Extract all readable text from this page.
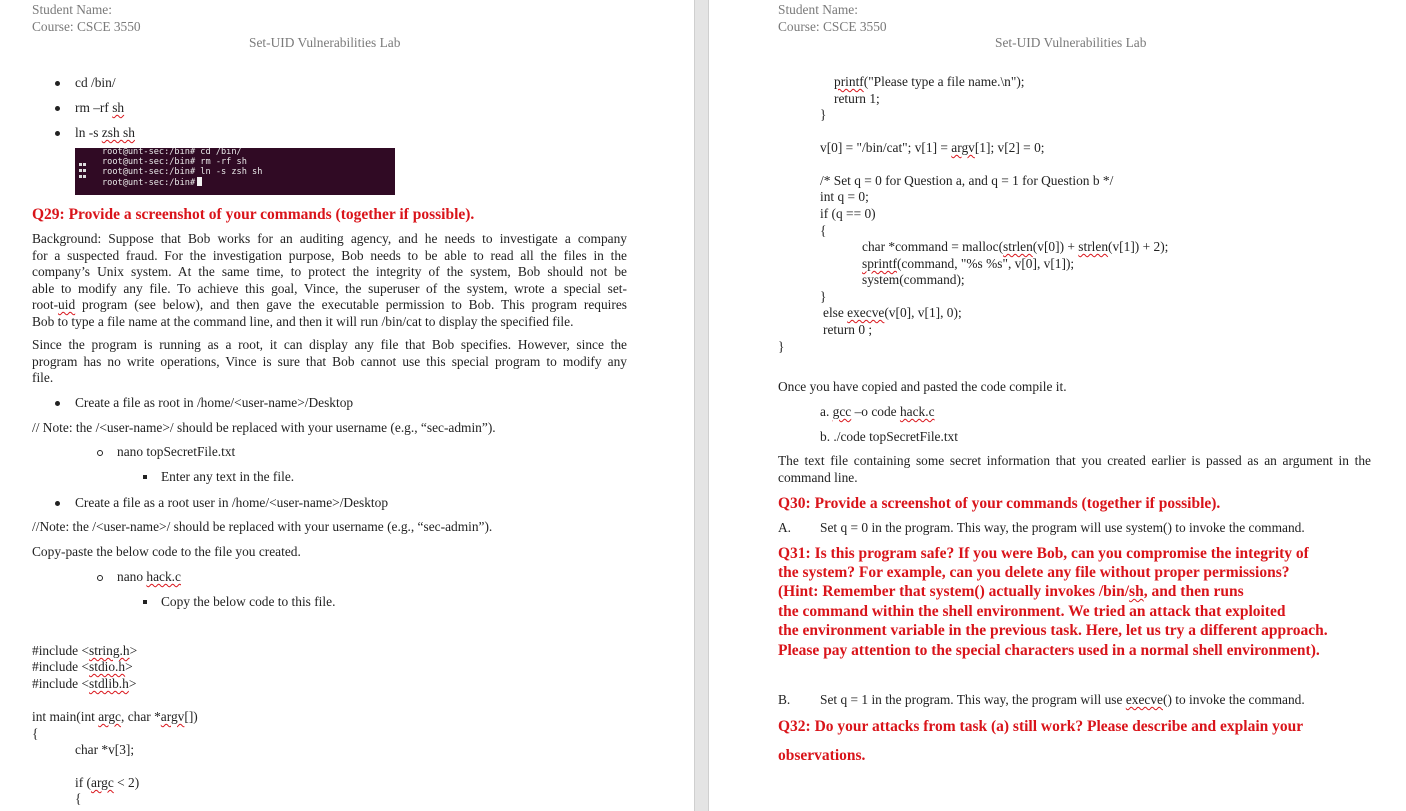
Student Name:
Course: CSCE 3550
Set-UID Vulnerabilities Lab
cd /bin/
rm –rf sh
ln -s zsh sh
root@unt-sec:/bin# cd /bin/
root@unt-sec:/bin# rm -rf sh
root@unt-sec:/bin# ln -s zsh sh
root@unt-sec:/bin#
Q29: Provide a screenshot of your commands (together if possible).
Background: Suppose that Bob works for an auditing agency, and he needs to investigate a company
for a suspected fraud. For the investigation purpose, Bob needs to be able to read all the files in the
company’s Unix system. At the same time, to protect the integrity of the system, Bob should not be
able to modify any file. To achieve this goal, Vince, the superuser of the system, wrote a special set-
root-uid program (see below), and then gave the executable permission to Bob. This program requires
Bob to type a file name at the command line, and then it will run /bin/cat to display the specified file.
Since the program is running as a root, it can display any file that Bob specifies. However, since the
program has no write operations, Vince is sure that Bob cannot use this special program to modify any
file.
Create a file as root in /home/<user-name>/Desktop
// Note: the /<user-name>/ should be replaced with your username (e.g., “sec-admin”).
nano topSecretFile.txt
Enter any text in the file.
Create a file as a root user in /home/<user-name>/Desktop
//Note: the /<user-name>/ should be replaced with your username (e.g., “sec-admin”).
Copy-paste the below code to the file you created.
nano hack.c
Copy the below code to this file.
#include <string.h>
#include <stdio.h>
#include <stdlib.h>
int main(int argc, char *argv[])
{
char *v[3];
if (argc < 2)
{
Student Name:
Course: CSCE 3550
Set-UID Vulnerabilities Lab
printf("Please type a file name.\n");
return 1;
}
v[0] = "/bin/cat"; v[1] = argv[1]; v[2] = 0;
/* Set q = 0 for Question a, and q = 1 for Question b */
int q = 0;
if (q == 0)
{
char *command = malloc(strlen(v[0]) + strlen(v[1]) + 2);
sprintf(command, "%s %s", v[0], v[1]);
system(command);
}
else execve(v[0], v[1], 0);
return 0 ;
}
Once you have copied and pasted the code compile it.
a. gcc –o code hack.c
b. ./code topSecretFile.txt
The text file containing some secret information that you created earlier is passed as an argument in the
command line.
Q30: Provide a screenshot of your commands (together if possible).
A. Set q = 0 in the program. This way, the program will use system() to invoke the command.
Q31: Is this program safe? If you were Bob, can you compromise the integrity of
the system? For example, can you delete any file without proper permissions?
(Hint: Remember that system() actually invokes /bin/sh, and then runs
the command within the shell environment. We tried an attack that exploited
the environment variable in the previous task. Here, let us try a different approach.
Please pay attention to the special characters used in a normal shell environment).
B. Set q = 1 in the program. This way, the program will use execve() to invoke the command.
Q32: Do your attacks from task (a) still work? Please describe and explain your
observations.
